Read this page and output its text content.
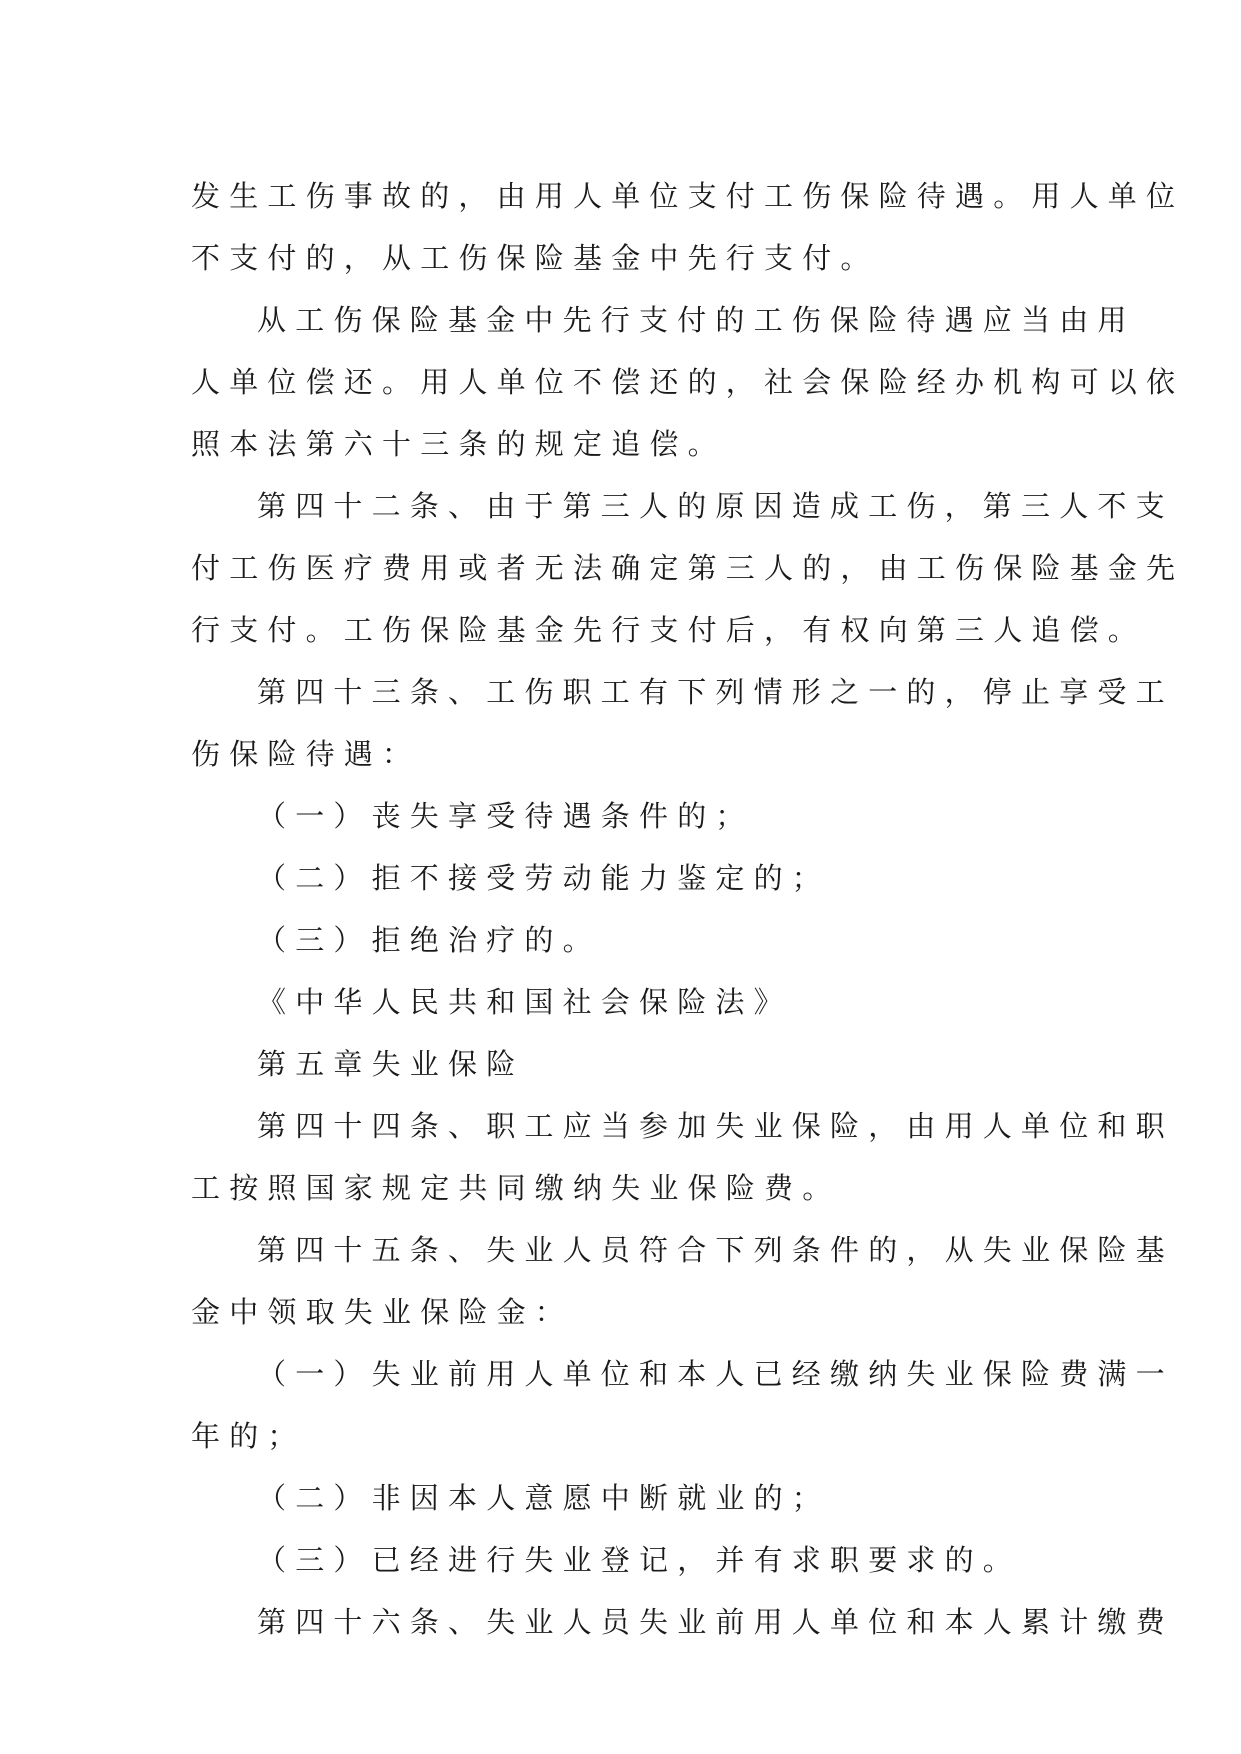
发生工伤事故的，由用人单位支付工伤保险待遇。用人单位

不支付的，从工伤保险基金中先行支付。

从工伤保险基金中先行支付的工伤保险待遇应当由用

人单位偿还。用人单位不偿还的，社会保险经办机构可以依

照本法第六十三条的规定追偿。

第四十二条、由于第三人的原因造成工伤，第三人不支

付工伤医疗费用或者无法确定第三人的，由工伤保险基金先

行支付。工伤保险基金先行支付后，有权向第三人追偿。

第四十三条、工伤职工有下列情形之一的，停止享受工

伤保险待遇：

（一）丧失享受待遇条件的；

（二）拒不接受劳动能力鉴定的；

（三）拒绝治疗的。

《中华人民共和国社会保险法》

第五章失业保险

第四十四条、职工应当参加失业保险，由用人单位和职

工按照国家规定共同缴纳失业保险费。

第四十五条、失业人员符合下列条件的，从失业保险基

金中领取失业保险金：

（一）失业前用人单位和本人已经缴纳失业保险费满一

年的；

（二）非因本人意愿中断就业的；

（三）已经进行失业登记，并有求职要求的。

第四十六条、失业人员失业前用人单位和本人累计缴费
